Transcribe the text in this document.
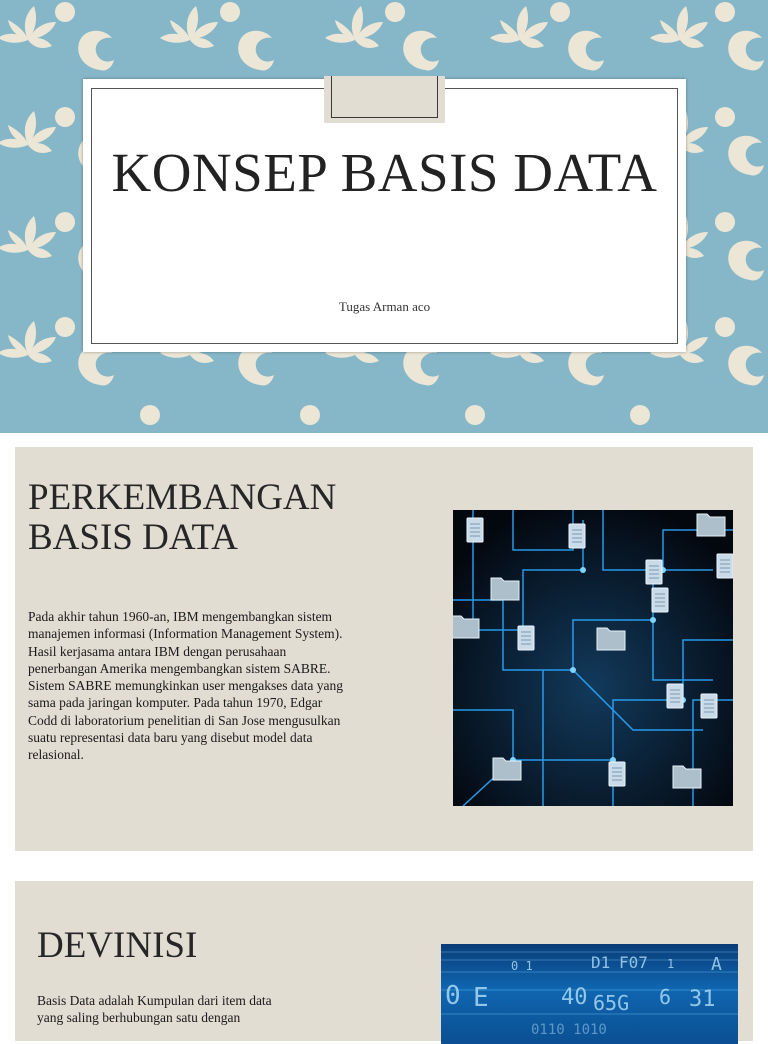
KONSEP BASIS DATA
Tugas Arman aco
PERKEMBANGAN BASIS DATA
Pada akhir tahun 1960-an, IBM mengembangkan sistem manajemen informasi (Information Management System). Hasil kerjasama antara IBM dengan perusahaan penerbangan Amerika mengembangkan sistem SABRE. Sistem SABRE memungkinkan user mengakses data yang sama pada jaringan komputer. Pada tahun 1970, Edgar Codd di laboratorium penelitian di San Jose mengusulkan suatu representasi data baru yang disebut model data relasional.
DEVINISI
Basis Data adalah Kumpulan dari item data yang saling berhubungan satu dengan
0 1	D1 F07 1 A
0 E	40 65G 6 31
0110 1010
